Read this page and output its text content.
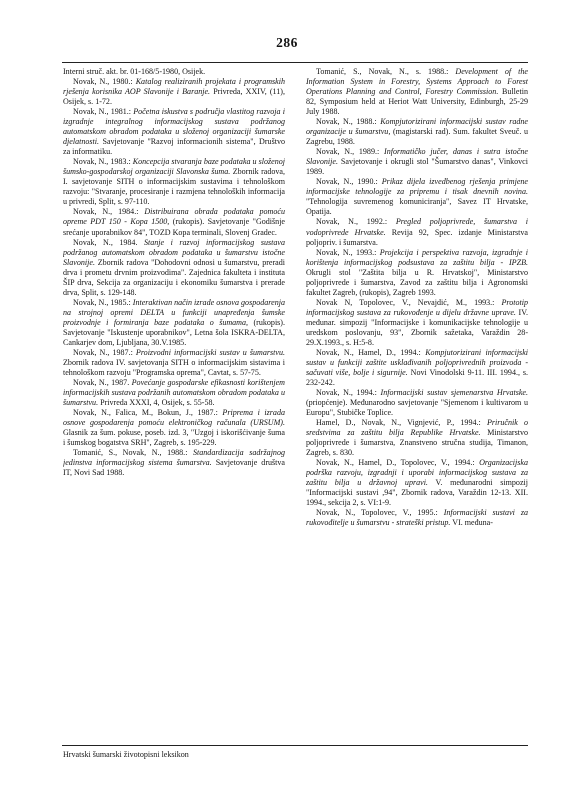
286

Interni struč. akt. br. 01-168/5-1980, Osijek.

Novak, N., 1980.: Katalog realiziranih projekata i programskih rješenja korisnika AOP Slavonije i Baranje. Privreda, XXIV, (11), Osijek, s. 1-72.

Novak, N., 1981.: Početna iskustva s područja vlastitog razvoja i izgradnje integralnog informacijskog sustava podržanog automatskom obradom podataka u složenoj organizaciji šumarske djelatnosti. Savjetovanje "Razvoj informacionih sistema", Društvo za informatiku.

Novak, N., 1983.: Koncepcija stvaranja baze podataka u složenoj šumsko-gospodarskoj organizaciji Slavonska šuma. Zbornik radova, I. savjetovanje SITH o informacijskim sustavima i tehnološkom razvoju: "Stvaranje, procesiranje i razmjena tehnoloških informacija u privredi, Split, s. 97-110.

Novak, N., 1984.: Distribuirana obrada podataka pomoću opreme PDT 150 - Kopa 1500, (rukopis). Savjetovanje "Godišnje srećanje uporabnikov 84", TOZD Kopa terminali, Slovenj Gradec.

Novak, N., 1984. Stanje i razvoj informacijskog sustava podržanog automatskom obradom podataka u šumarstvu istočne Slavonije. Zbornik radova "Dohodovni odnosi u šumarstvu, preradi drva i prometu drvnim proizvodima". Zajednica fakulteta i instituta ŠIP drva, Sekcija za organizaciju i ekonomiku šumarstva i prerade drva, Split, s. 129-148.

Novak, N., 1985.: Interaktivan način izrade osnova gospodarenja na strojnoj opremi DELTA u funkciji unapređenja šumske proizvodnje i formiranja baze podataka o šumama, (rukopis). Savjetovanje "Iskustenje uporabnikov", Letna šola ISKRA-DELTA, Cankarjev dom, Ljubljana, 30.V.1985.

Novak, N., 1987.: Proizvodni informacijski sustav u šumarstvu. Zbornik radova IV. savjetovanja SITH o informacijskim sistavima i tehnološkom razvoju "Programska oprema", Cavtat, s. 57-75.

Novak, N., 1987. Povećanje gospodarske efikasnosti korištenjem informacijskih sustava podržanih automatskom obradom podataka u šumarstvu. Privreda XXXI, 4, Osijek, s. 55-58.

Novak, N., Falica, M., Bokun, J., 1987.: Priprema i izrada osnove gospodarenja pomoću elektroničkog računala (URSUM). Glasnik za šum. pokuse, poseb. izd. 3, "Uzgoj i iskorišćivanje šuma i šumskog bogatstva SRH", Zagreb, s. 195-229.

Tomanić, S., Novak, N., 1988.: Standardizacija sadržajnog jedinstva informacijskog sistema šumarstva. Savjetovanje društva IT, Novi Sad 1988.

Tomanić, S., Novak, N., s. 1988.: Development of the Information System in Forestry, Systems Approach to Forest Operations Planning and Control, Forestry Commission. Bulletin 82, Symposium held at Heriot Watt University, Edinburgh, 25-29 July 1988.

Novak, N., 1988.: Kompjutorizirani informacijski sustav radne organizacije u šumarstvu, (magistarski rad). Sum. fakultet Sveuč. u Zagrebu, 1988.

Novak, N., 1989.: Informatičko jučer, danas i sutra istočne Slavonije. Savjetovanje i okrugli stol "Šumarstvo danas", Vinkovci 1989.

Novak, N., 1990.: Prikaz dijela izvedbenog rješenja primjene informacijske tehnologije za pripremu i tisak dnevnih novina. "Tehnologija suvremenog komuniciranja", Savez IT Hrvatske, Opatija.

Novak, N., 1992.: Pregled poljoprivrede, šumarstva i vodoprivrede Hrvatske. Revija 92, Spec. izdanje Ministarstva poljopriv. i šumarstva.

Novak, N., 1993.: Projekcija i perspektiva razvoja, izgradnje i korištenja informacijskog podsustava za zaštitu bilja - IPZB. Okrugli stol "Zaštita bilja u R. Hrvatskoj", Ministarstvo poljoprivrede i šumarstva, Zavod za zaštitu bilja i Agronomski fakultet Zagreb, (rukopis), Zagreb 1993.

Novak N, Topolovec, V., Nevajdić, M., 1993.: Prototip informacijskog sustava za rukovođenje u dijelu državne uprave. IV. međunar. simpozij "Informacijske i komunikacijske tehnologije u uredskom poslovanju, 93", Zbornik sažetaka, Varaždin 28-29.X.1993., s. H:5-8.

Novak, N., Hamel, D., 1994.: Kompjutorizirani informacijski sustav u funkciji zaštite usklađivanih poljoprivrednih proizvoda - sačuvati više, bolje i sigurnije. Novi Vinodolski 9-11. III. 1994., s. 232-242.

Novak, N., 1994.: Informacijski sustav sjemenarstva Hrvatske. (priopćenje). Međunarodno savjetovanje "Sjemenom i kultivarom u Europu", Stubičke Toplice.

Hamel, D., Novak, N., Vignjević, P., 1994.: Priručnik o sredstvima za zaštitu bilja Republike Hrvatske. Ministarstvo poljoprivrede i šumarstva, Znanstveno stručna studija, Timanon, Zagreb, s. 830.

Novak, N., Hamel, D., Topolovec, V., 1994.: Organizacijska podrška razvoju, izgradnji i uporabi informacijskog sustava za zaštitu bilja u državnoj upravi. V. međunarodni simpozij "Informacijski sustavi ,94", Zbornik radova, Varaždin 12-13. XII. 1994., sekcija 2, s. VI:1-9.

Novak, N., Topolovec, V., 1995.: Informacijski sustavi za rukovođitelje u šumarstvu - strateški pristup. VI. međuna-

Hrvatski šumarski životopisni leksikon
